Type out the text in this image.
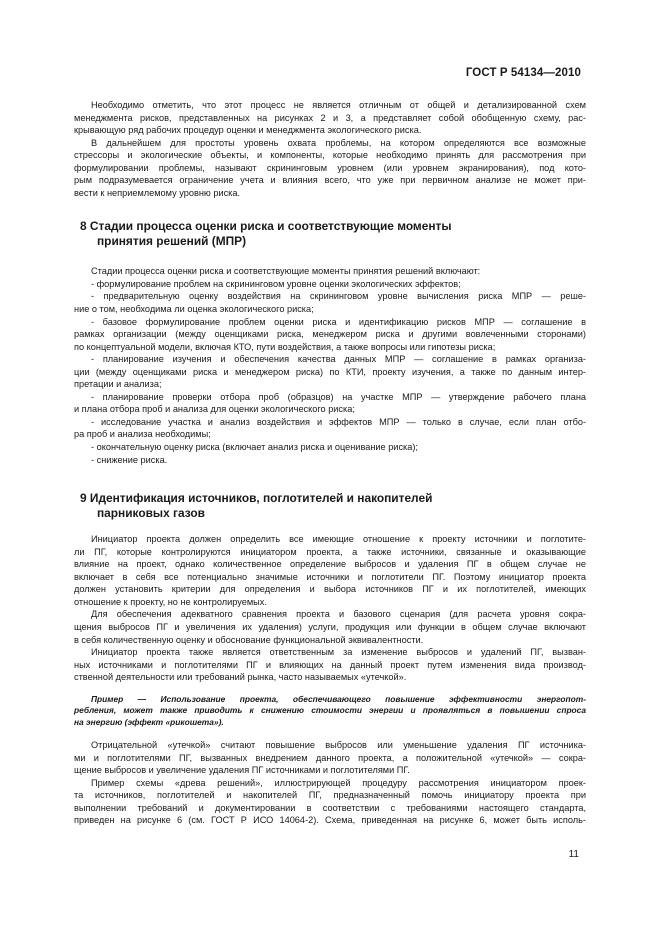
ГОСТ Р 54134—2010
Необходимо отметить, что этот процесс не является отличным от общей и детализированной схем
менеджмента рисков, представленных на рисунках 2 и 3, а представляет собой обобщенную схему, рас-
крывающую ряд рабочих процедур оценки и менеджмента экологического риска.
В дальнейшем для простоты уровень охвата проблемы, на котором определяются все возможные
стрессоры и экологические объекты, и компоненты, которые необходимо принять для рассмотрения при
формулировании проблемы, называют скрининговым уровнем (или уровнем экранирования), под кото-
рым подразумевается ограничение учета и влияния всего, что уже при первичном анализе не может при-
вести к неприемлемому уровню риска.
8 Стадии процесса оценки риска и соответствующие моменты
принятия решений (МПР)
Стадии процесса оценки риска и соответствующие моменты принятия решений включают:
- формулирование проблем на скрининговом уровне оценки экологических эффектов;
- предварительную оценку воздействия на скрининговом уровне вычисления риска МПР — реше-
ние о том, необходима ли оценка экологического риска;
- базовое формулирование проблем оценки риска и идентификацию рисков МПР — соглашение в
рамках организации (между оценщиками риска, менеджером риска и другими вовлеченными сторонами)
по концептуальной модели, включая КТО, пути воздействия, а также вопросы или гипотезы риска;
- планирование изучения и обеспечения качества данных МПР — соглашение в рамках организа-
ции (между оценщиками риска и менеджером риска) по КТИ, проекту изучения, а также по данным интер-
претации и анализа;
- планирование проверки отбора проб (образцов) на участке МПР — утверждение рабочего плана
и плана отбора проб и анализа для оценки экологического риска;
- исследование участка и анализ воздействия и эффектов МПР — только в случае, если план отбо-
ра проб и анализа необходимы;
- окончательную оценку риска (включает анализ риска и оценивание риска);
- снижение риска.
9 Идентификация источников, поглотителей и накопителей
парниковых газов
Инициатор проекта должен определить все имеющие отношение к проекту источники и поглотите-
ли ПГ, которые контролируются инициатором проекта, а также источники, связанные и оказывающие
влияние на проект, однако количественное определение выбросов и удаления ПГ в общем случае не
включает в себя все потенциально значимые источники и поглотители ПГ. Поэтому инициатор проекта
должен установить критерии для определения и выбора источников ПГ и их поглотителей, имеющих
отношение к проекту, но не контролируемых.
Для обеспечения адекватного сравнения проекта и базового сценария (для расчета уровня сокра-
щения выбросов ПГ и увеличения их удаления) услуги, продукция или функции в общем случае включают
в себя количественную оценку и обоснование функциональной эквивалентности.
Инициатор проекта также является ответственным за изменение выбросов и удалений ПГ, вызван-
ных источниками и поглотителями ПГ и влияющих на данный проект путем изменения вида производ-
ственной деятельности или требований рынка, часто называемых «утечкой».
Пример — Использование проекта, обеспечивающего повышение эффективности энергопот-
ребления, может также приводить к снижению стоимости энергии и проявляться в повышении спроса
на энергию (эффект «рикошета»).
Отрицательной «утечкой» считают повышение выбросов или уменьшение удаления ПГ источника-
ми и поглотителями ПГ, вызванных внедрением данного проекта, а положительной «утечкой» — сокра-
щение выбросов и увеличение удаления ПГ источниками и поглотителями ПГ.
Пример схемы «древа решений», иллюстрирующей процедуру рассмотрения инициатором проек-
та источников, поглотителей и накопителей ПГ, предназначенный помочь инициатору проекта при
выполнении требований и документировании в соответствии с требованиями настоящего стандарта,
приведен на рисунке 6 (см. ГОСТ Р ИСО 14064-2). Схема, приведенная на рисунке 6, может быть исполь-
11
